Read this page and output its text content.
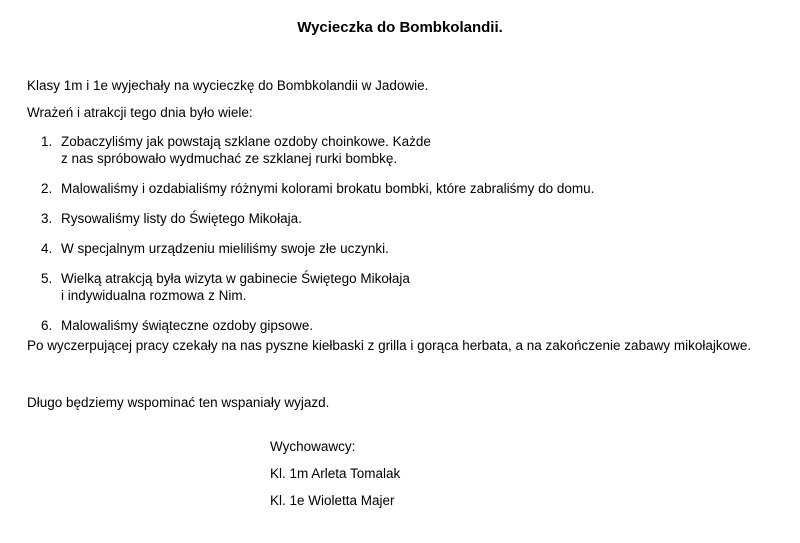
Wycieczka do Bombkolandii.
Klasy 1m i 1e wyjechały na wycieczkę do Bombkolandii w Jadowie.
Wrażeń i atrakcji tego dnia było wiele:
1. Zobaczyliśmy jak powstają szklane ozdoby choinkowe. Każde
z nas spróbowało wydmuchać ze szklanej rurki bombkę.
2. Malowaliśmy i ozdabialiśmy różnymi kolorami brokatu bombki, które zabraliśmy do domu.
3. Rysowaliśmy listy do Świętego Mikołaja.
4. W specjalnym urządzeniu mieliliśmy swoje złe uczynki.
5. Wielką atrakcją była wizyta w gabinecie Świętego Mikołaja
i indywidualna rozmowa z Nim.
6. Malowaliśmy świąteczne ozdoby gipsowe.
Po wyczerpującej pracy czekały na nas pyszne kiełbaski z grilla i gorąca herbata, a na zakończenie zabawy mikołajkowe.
Długo będziemy wspominać ten wspaniały wyjazd.
Wychowawcy:
Kl. 1m Arleta Tomalak
Kl. 1e Wioletta Majer
